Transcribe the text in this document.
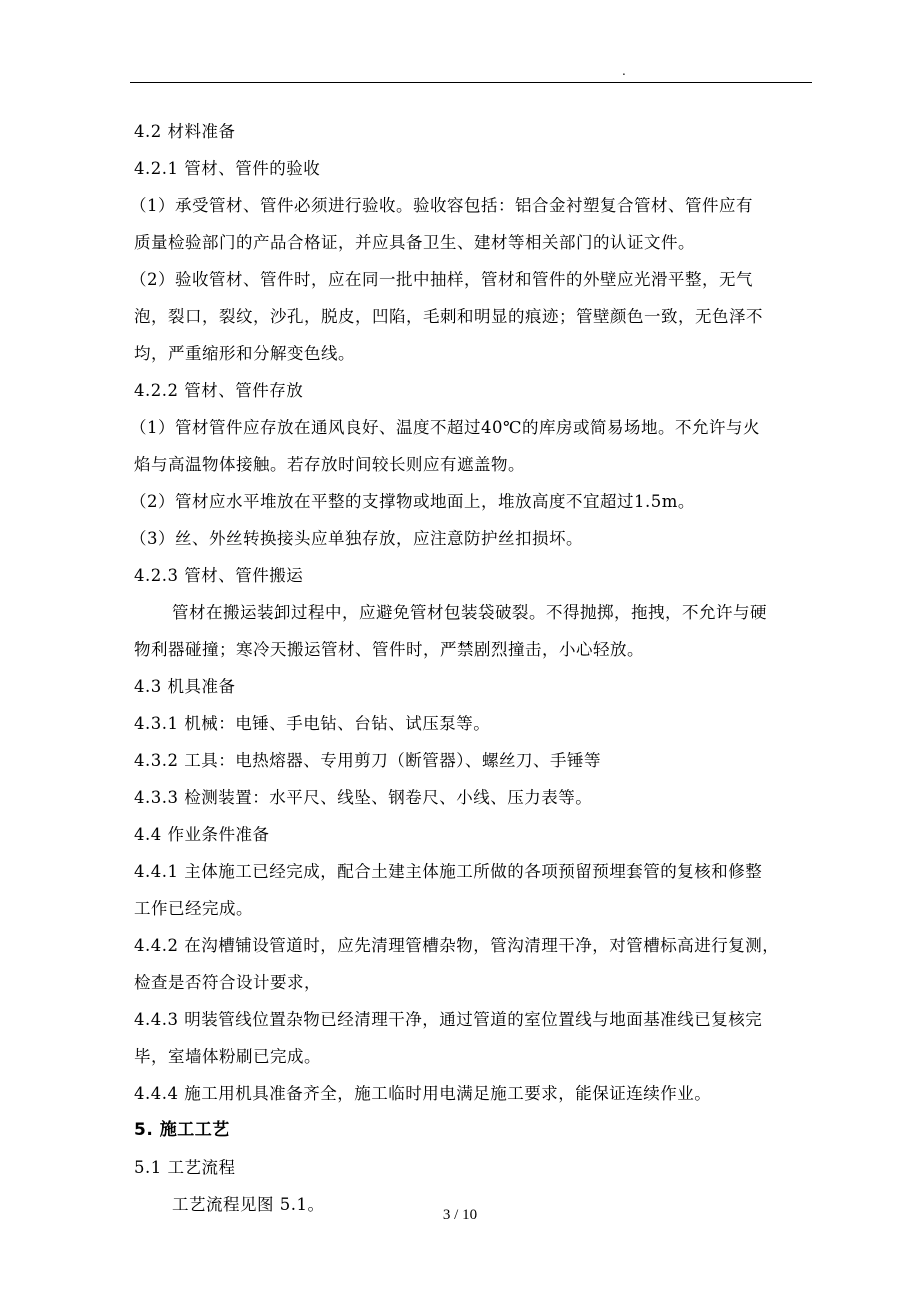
.
4.2 材料准备
4.2.1 管材、管件的验收
（1）承受管材、管件必须进行验收。验收容包括：铝合金衬塑复合管材、管件应有
质量检验部门的产品合格证，并应具备卫生、建材等相关部门的认证文件。
（2）验收管材、管件时，应在同一批中抽样，管材和管件的外壁应光滑平整，无气
泡，裂口，裂纹，沙孔，脱皮，凹陷，毛刺和明显的痕迹；管壁颜色一致，无色泽不
均，严重缩形和分解变色线。
4.2.2 管材、管件存放
（1）管材管件应存放在通风良好、温度不超过40℃的库房或简易场地。不允许与火
焰与高温物体接触。若存放时间较长则应有遮盖物。
（2）管材应水平堆放在平整的支撑物或地面上，堆放高度不宜超过1.5m。
（3）丝、外丝转换接头应单独存放，应注意防护丝扣损坏。
4.2.3 管材、管件搬运
管材在搬运装卸过程中，应避免管材包装袋破裂。不得抛掷，拖拽，不允许与硬
物利器碰撞；寒冷天搬运管材、管件时，严禁剧烈撞击，小心轻放。
4.3 机具准备
4.3.1 机械：电锤、手电钻、台钻、试压泵等。
4.3.2 工具：电热熔器、专用剪刀（断管器）、螺丝刀、手锤等
4.3.3 检测装置：水平尺、线坠、钢卷尺、小线、压力表等。
4.4 作业条件准备
4.4.1 主体施工已经完成，配合土建主体施工所做的各项预留预埋套管的复核和修整
工作已经完成。
4.4.2 在沟槽铺设管道时，应先清理管槽杂物，管沟清理干净，对管槽标高进行复测，
检查是否符合设计要求，
4.4.3 明装管线位置杂物已经清理干净，通过管道的室位置线与地面基准线已复核完
毕，室墙体粉刷已完成。
4.4.4 施工用机具准备齐全，施工临时用电满足施工要求，能保证连续作业。
5. 施工工艺
5.1 工艺流程
工艺流程见图 5.1。
3 / 10
